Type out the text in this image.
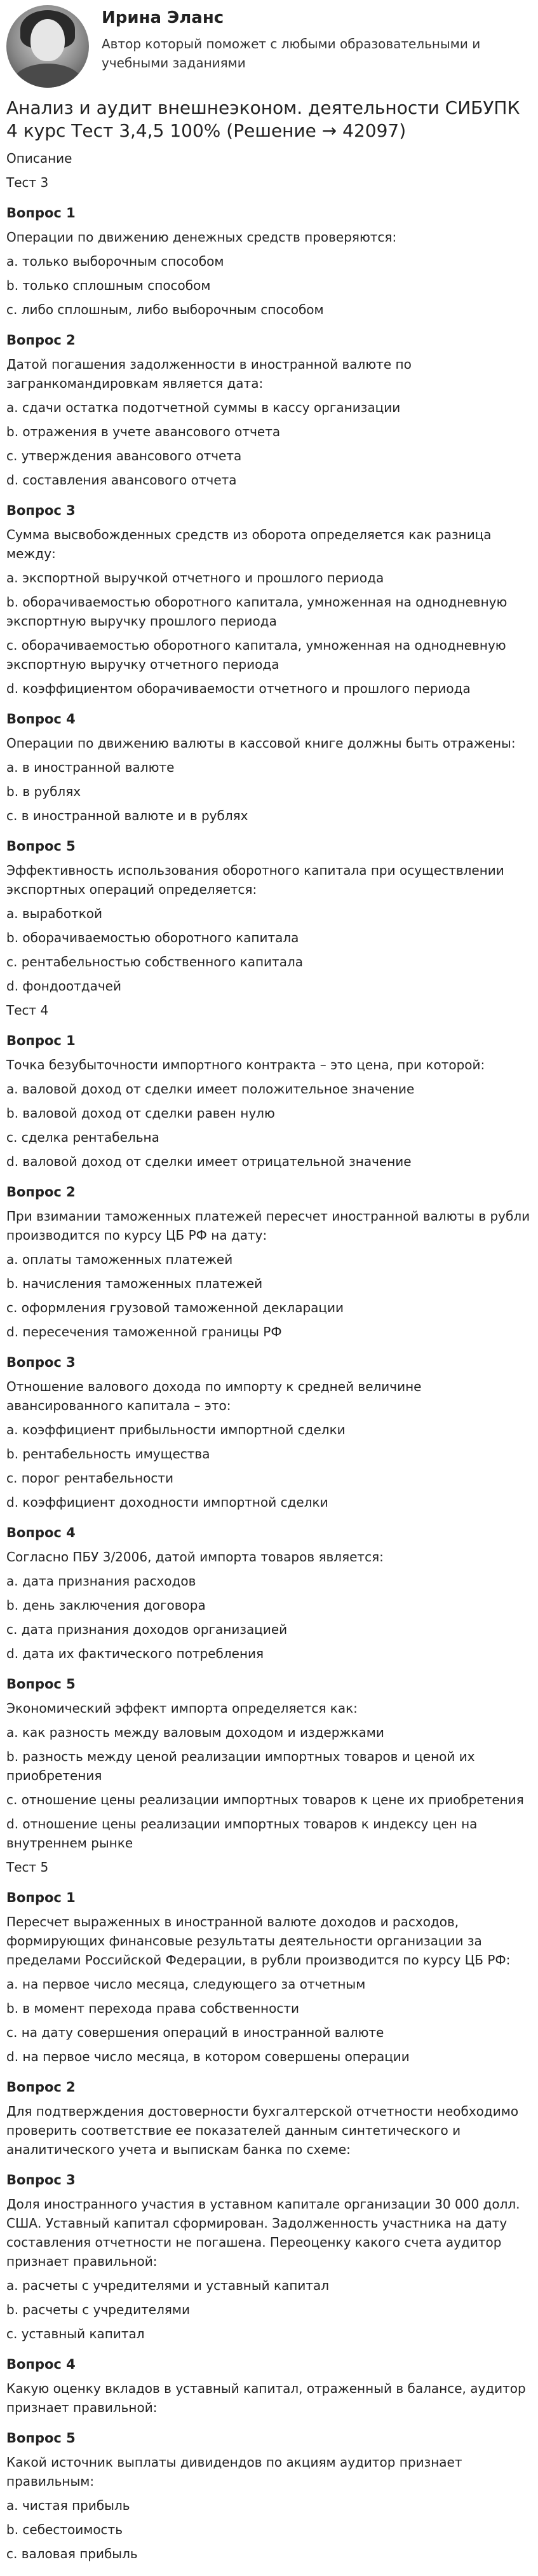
Ирина Эланс
Автор который поможет с любыми образовательными и учебными заданиями
Анализ и аудит внешнеэконом. деятельности СИБУПК 4 курс Тест 3,4,5 100% (Решение → 42097)
Описание
Тест 3
Вопрос 1
Операции по движению денежных средств проверяются:
a. только выборочным способом
b. только сплошным способом
c. либо сплошным, либо выборочным способом
Вопрос 2
Датой погашения задолженности в иностранной валюте по загранкомандировкам является дата:
a. сдачи остатка подотчетной суммы в кассу организации
b. отражения в учете авансового отчета
c. утверждения авансового отчета
d. составления авансового отчета
Вопрос 3
Сумма высвобожденных средств из оборота определяется как разница между:
a. экспортной выручкой отчетного и прошлого периода
b. оборачиваемостью оборотного капитала, умноженная на однодневную экспортную выручку прошлого периода
c. оборачиваемостью оборотного капитала, умноженная на однодневную экспортную выручку отчетного периода
d. коэффициентом оборачиваемости отчетного и прошлого периода
Вопрос 4
Операции по движению валюты в кассовой книге должны быть отражены:
a. в иностранной валюте
b. в рублях
c. в иностранной валюте и в рублях
Вопрос 5
Эффективность использования оборотного капитала при осуществлении экспортных операций определяется:
a. выработкой
b. оборачиваемостью оборотного капитала
c. рентабельностью собственного капитала
d. фондоотдачей
Тест 4
Вопрос 1
Точка безубыточности импортного контракта – это цена, при которой:
a. валовой доход от сделки имеет положительное значение
b. валовой доход от сделки равен нулю
c. сделка рентабельна
d. валовой доход от сделки имеет отрицательной значение
Вопрос 2
При взимании таможенных платежей пересчет иностранной валюты в рубли производится по курсу ЦБ РФ на дату:
a. оплаты таможенных платежей
b. начисления таможенных платежей
c. оформления грузовой таможенной декларации
d. пересечения таможенной границы РФ
Вопрос 3
Отношение валового дохода по импорту к средней величине авансированного капитала – это:
a. коэффициент прибыльности импортной сделки
b. рентабельность имущества
c. порог рентабельности
d. коэффициент доходности импортной сделки
Вопрос 4
Согласно ПБУ 3/2006, датой импорта товаров является:
a. дата признания расходов
b. день заключения договора
c. дата признания доходов организацией
d. дата их фактического потребления
Вопрос 5
Экономический эффект импорта определяется как:
a. как разность между валовым доходом и издержками
b. разность между ценой реализации импортных товаров и ценой их приобретения
c. отношение цены реализации импортных товаров к цене их приобретения
d. отношение цены реализации импортных товаров к индексу цен на внутреннем рынке
Тест 5
Вопрос 1
Пересчет выраженных в иностранной валюте доходов и расходов, формирующих финансовые результаты деятельности организации за пределами Российской Федерации, в рубли производится по курсу ЦБ РФ:
a. на первое число месяца, следующего за отчетным
b. в момент перехода права собственности
c. на дату совершения операций в иностранной валюте
d. на первое число месяца, в котором совершены операции
Вопрос 2
Для подтверждения достоверности бухгалтерской отчетности необходимо проверить соответствие ее показателей данным синтетического и аналитического учета и выпискам банка по схеме:
Вопрос 3
Доля иностранного участия в уставном капитале организации 30 000 долл. США. Уставный капитал сформирован. Задолженность участника на дату составления отчетности не погашена. Переоценку какого счета аудитор признает правильной:
a. расчеты с учредителями и уставный капитал
b. расчеты с учредителями
c. уставный капитал
Вопрос 4
Какую оценку вкладов в уставный капитал, отраженный в балансе, аудитор признает правильной:
Вопрос 5
Какой источник выплаты дивидендов по акциям аудитор признает правильным:
a. чистая прибыль
b. себестоимость
c. валовая прибыль
